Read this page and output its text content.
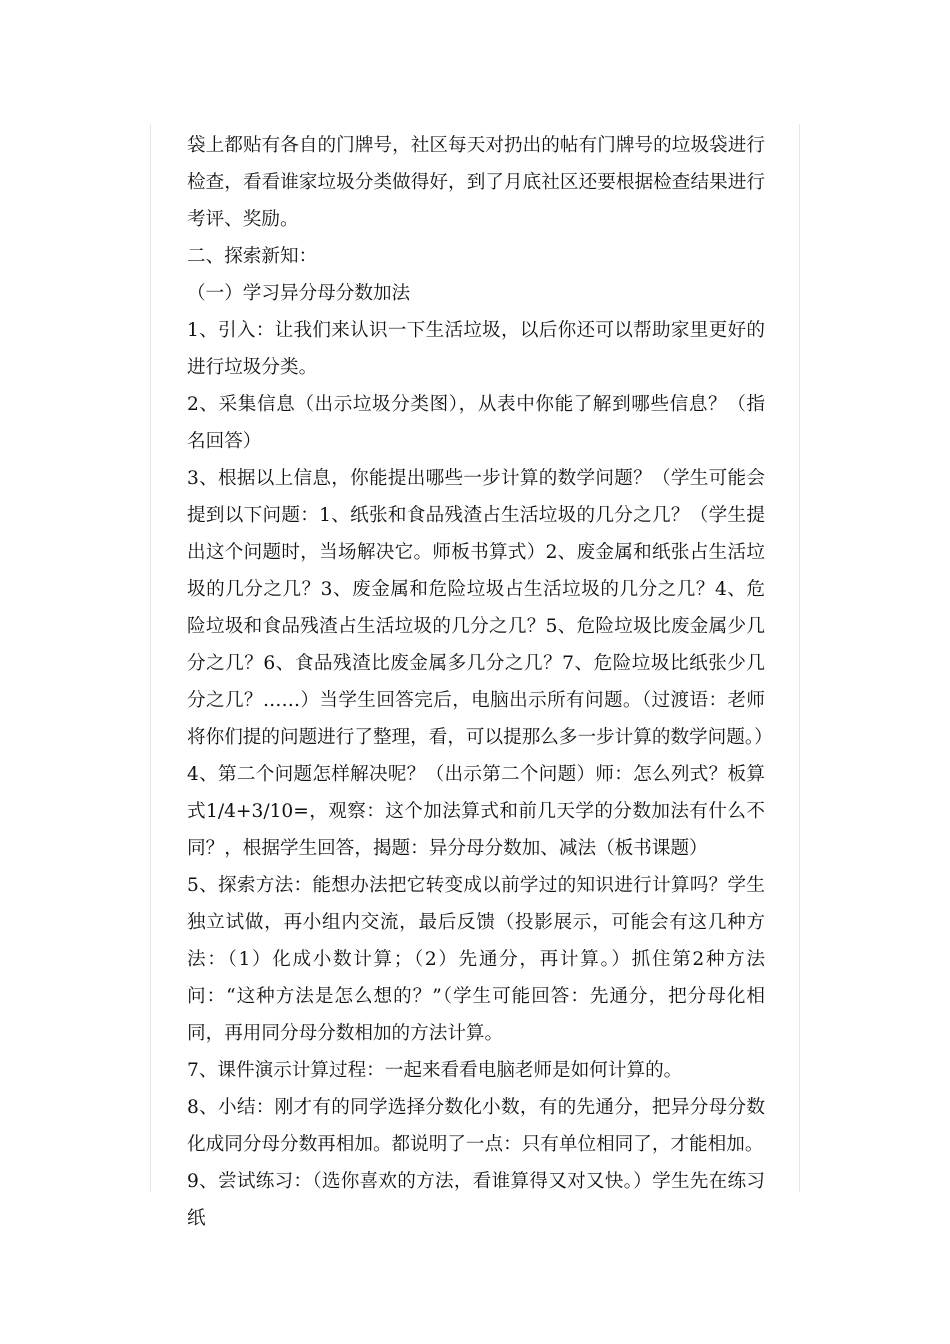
袋上都贴有各自的门牌号，社区每天对扔出的帖有门牌号的垃圾袋进行检查，看看谁家垃圾分类做得好，到了月底社区还要根据检查结果进行考评、奖励。

二、探索新知：

（一）学习异分母分数加法

1、引入：让我们来认识一下生活垃圾，以后你还可以帮助家里更好的进行垃圾分类。

2、采集信息（出示垃圾分类图），从表中你能了解到哪些信息？（指名回答）

3、根据以上信息，你能提出哪些一步计算的数学问题？（学生可能会提到以下问题：1、纸张和食品残渣占生活垃圾的几分之几？（学生提出这个问题时，当场解决它。师板书算式）2、废金属和纸张占生活垃圾的几分之几？3、废金属和危险垃圾占生活垃圾的几分之几？4、危险垃圾和食品残渣占生活垃圾的几分之几？5、危险垃圾比废金属少几分之几？6、食品残渣比废金属多几分之几？7、危险垃圾比纸张少几分之几？……）当学生回答完后，电脑出示所有问题。（过渡语：老师将你们提的问题进行了整理，看，可以提那么多一步计算的数学问题。）

4、第二个问题怎样解决呢？（出示第二个问题）师：怎么列式？板算式1/4+3/10=，观察：这个加法算式和前几天学的分数加法有什么不同？，根据学生回答，揭题：异分母分数加、减法（板书课题）

5、探索方法：能想办法把它转变成以前学过的知识进行计算吗？学生独立试做，再小组内交流，最后反馈（投影展示，可能会有这几种方法：（1）化成小数计算；（2）先通分，再计算。）抓住第2种方法问：“这种方法是怎么想的？”（学生可能回答：先通分，把分母化相同，再用同分母分数相加的方法计算。

7、课件演示计算过程：一起来看看电脑老师是如何计算的。

8、小结：刚才有的同学选择分数化小数，有的先通分，把异分母分数化成同分母分数再相加。都说明了一点：只有单位相同了，才能相加。

9、尝试练习：（选你喜欢的方法，看谁算得又对又快。）学生先在练习纸
